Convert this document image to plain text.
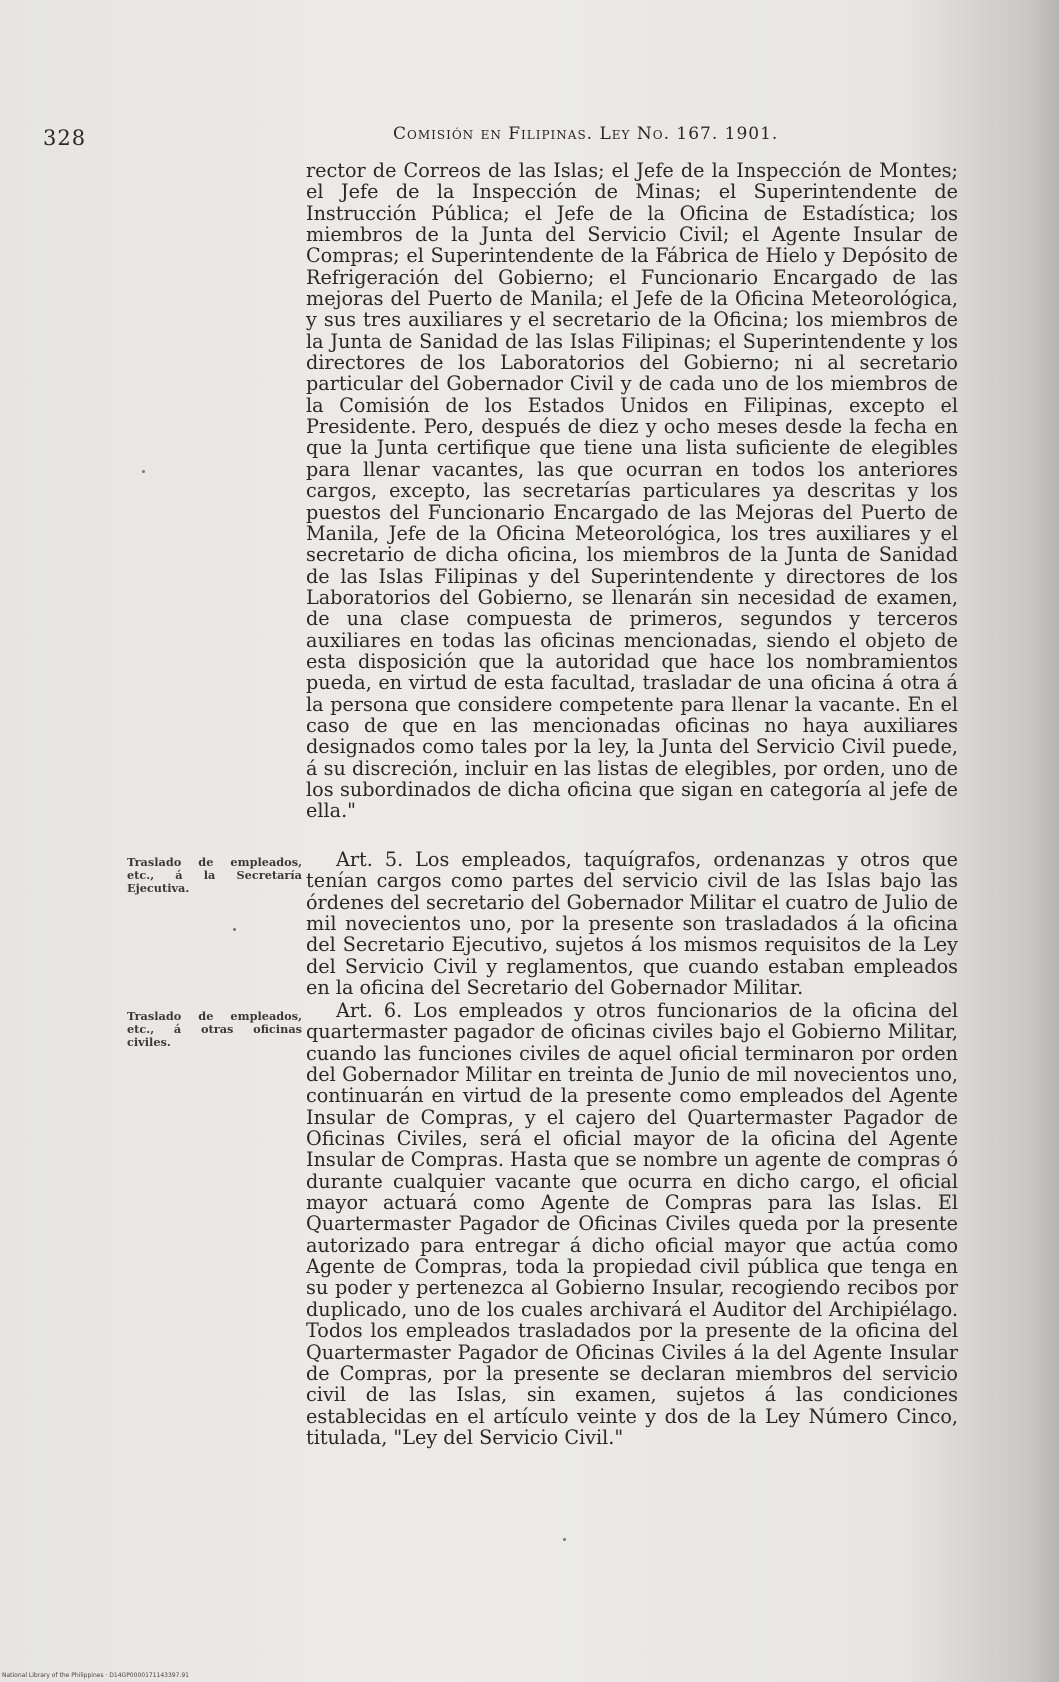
328	Comisión en Filipinas. Ley No. 167. 1901.

rector de Correos de las Islas; el Jefe de la Inspección de Montes; el Jefe de la Inspección de Minas; el Superintendente de Instrucción Pública; el Jefe de la Oficina de Estadística; los miembros de la Junta del Servicio Civil; el Agente Insular de Compras; el Superintendente de la Fábrica de Hielo y Depósito de Refrigeración del Gobierno; el Funcionario Encargado de las mejoras del Puerto de Manila; el Jefe de la Oficina Meteorológica, y sus tres auxiliares y el secretario de la Oficina; los miembros de la Junta de Sanidad de las Islas Filipinas; el Superintendente y los directores de los Laboratorios del Gobierno; ni al secretario particular del Gobernador Civil y de cada uno de los miembros de la Comisión de los Estados Unidos en Filipinas, excepto el Presidente. Pero, después de diez y ocho meses desde la fecha en que la Junta certifique que tiene una lista suficiente de elegibles para llenar vacantes, las que ocurran en todos los anteriores cargos, excepto, las secretarías particulares ya descritas y los puestos del Funcionario Encargado de las Mejoras del Puerto de Manila, Jefe de la Oficina Meteorológica, los tres auxiliares y el secretario de dicha oficina, los miembros de la Junta de Sanidad de las Islas Filipinas y del Superintendente y directores de los Laboratorios del Gobierno, se llenarán sin necesidad de examen, de una clase compuesta de primeros, segundos y terceros auxiliares en todas las oficinas mencionadas, siendo el objeto de esta disposición que la autoridad que hace los nombramientos pueda, en virtud de esta facultad, trasladar de una oficina á otra á la persona que considere competente para llenar la vacante. En el caso de que en las mencionadas oficinas no haya auxiliares designados como tales por la ley, la Junta del Servicio Civil puede, á su discreción, incluir en las listas de elegibles, por orden, uno de los subordinados de dicha oficina que sigan en categoría al jefe de ella."

Traslado de empleados, etc., á la Secretaría Ejecutiva.

Art. 5. Los empleados, taquígrafos, ordenanzas y otros que tenían cargos como partes del servicio civil de las Islas bajo las órdenes del secretario del Gobernador Militar el cuatro de Julio de mil novecientos uno, por la presente son trasladados á la oficina del Secretario Ejecutivo, sujetos á los mismos requisitos de la Ley del Servicio Civil y reglamentos, que cuando estaban empleados en la oficina del Secretario del Gobernador Militar.

Traslado de empleados, etc., á otras oficinas civiles.

Art. 6. Los empleados y otros funcionarios de la oficina del quartermaster pagador de oficinas civiles bajo el Gobierno Militar, cuando las funciones civiles de aquel oficial terminaron por orden del Gobernador Militar en treinta de Junio de mil novecientos uno, continuarán en virtud de la presente como empleados del Agente Insular de Compras, y el cajero del Quartermaster Pagador de Oficinas Civiles, será el oficial mayor de la oficina del Agente Insular de Compras. Hasta que se nombre un agente de compras ó durante cualquier vacante que ocurra en dicho cargo, el oficial mayor actuará como Agente de Compras para las Islas. El Quartermaster Pagador de Oficinas Civiles queda por la presente autorizado para entregar á dicho oficial mayor que actúa como Agente de Compras, toda la propiedad civil pública que tenga en su poder y pertenezca al Gobierno Insular, recogiendo recibos por duplicado, uno de los cuales archivará el Auditor del Archipiélago. Todos los empleados trasladados por la presente de la oficina del Quartermaster Pagador de Oficinas Civiles á la del Agente Insular de Compras, por la presente se declaran miembros del servicio civil de las Islas, sin examen, sujetos á las condiciones establecidas en el artículo veinte y dos de la Ley Número Cinco, titulada, "Ley del Servicio Civil."

National Library of the Philippines · D14GP0000171143397.91
